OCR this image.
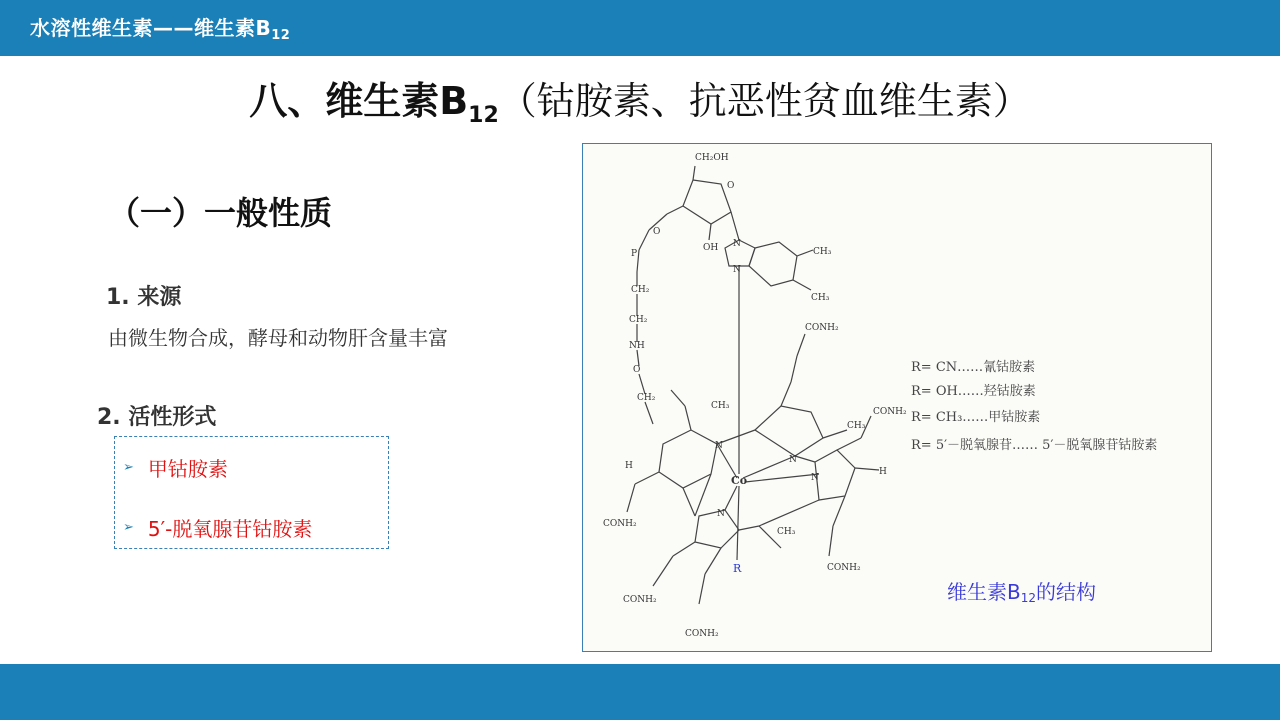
水溶性维生素——维生素$B_{12}$
八、维生素$B_{12}$（钴胺素、抗恶性贫血维生素）
（一）一般性质
1. 来源
由微生物合成，酵母和动物肝含量丰富
2. 活性形式
➢ 甲钴胺素
➢ 5′-脱氧腺苷钴胺素
CH₂OH
O
OH
O
P
CH₂
CH₂
NH
O
CH₂
N
N
CH₃
CH₃
CONH₂
CONH₂
CONH₂
CONH₂
CONH₂
CONH₂
CH₃
CH₃
CH₃
H
H
N
N
N
N
Co
R
R= CN……氰钴胺素
R= OH……羟钴胺素
R= CH₃……甲钴胺素
R= 5′－脱氧腺苷…… 5′－脱氧腺苷钴胺素
维生素$B_{12}$的结构
